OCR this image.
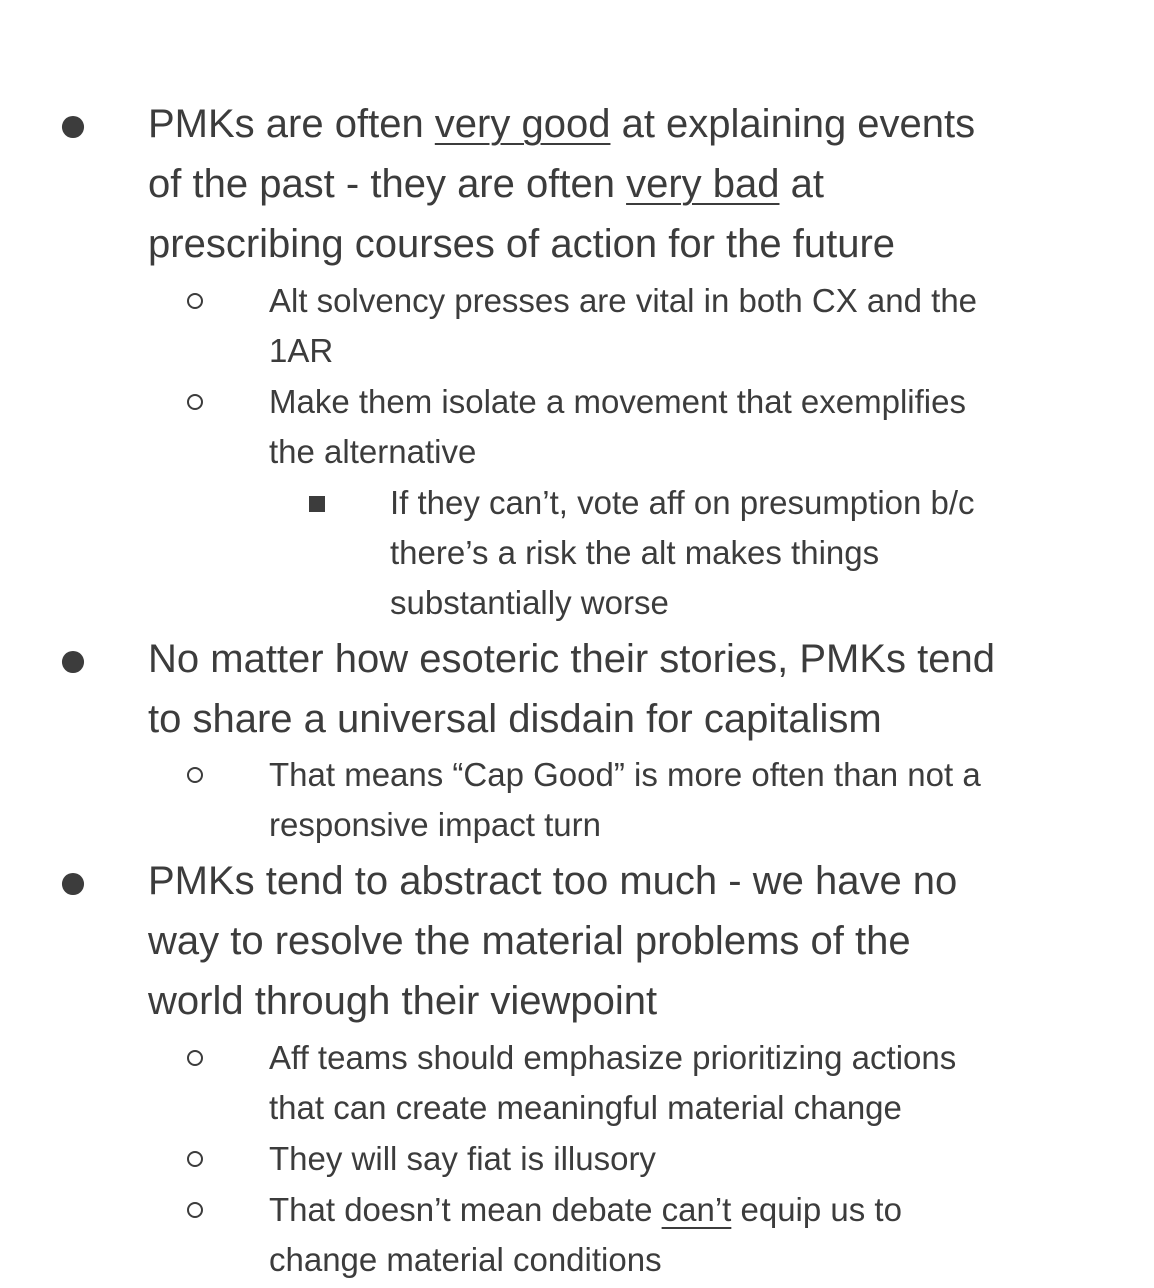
PMKs are often very good at explaining events
of the past - they are often very bad at
prescribing courses of action for the future
Alt solvency presses are vital in both CX and the
1AR
Make them isolate a movement that exemplifies
the alternative
If they can’t, vote aff on presumption b/c
there’s a risk the alt makes things
substantially worse
No matter how esoteric their stories, PMKs tend
to share a universal disdain for capitalism
That means “Cap Good” is more often than not a
responsive impact turn
PMKs tend to abstract too much - we have no
way to resolve the material problems of the
world through their viewpoint
Aff teams should emphasize prioritizing actions
that can create meaningful material change
They will say fiat is illusory
That doesn’t mean debate can’t equip us to
change material conditions
